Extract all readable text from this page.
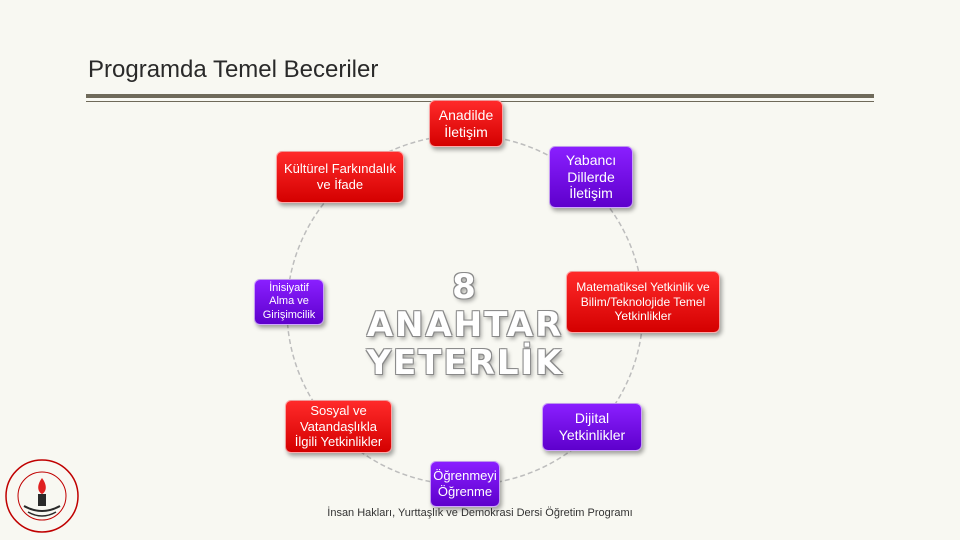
Programda Temel Beceriler
8 ANAHTAR
YETERLİK
Anadilde İletişim
Yabancı Dillerde İletişim
Kültürel Farkındalık ve İfade
Matematiksel Yetkinlik ve Bilim/Teknolojide Temel Yetkinlikler
İnisiyatif Alma ve Girişimcilik
Dijital Yetkinlikler
Sosyal ve Vatandaşlıkla İlgili Yetkinlikler
Öğrenmeyi Öğrenme
İnsan Hakları, Yurttaşlık ve Demokrasi Dersi Öğretim Programı
